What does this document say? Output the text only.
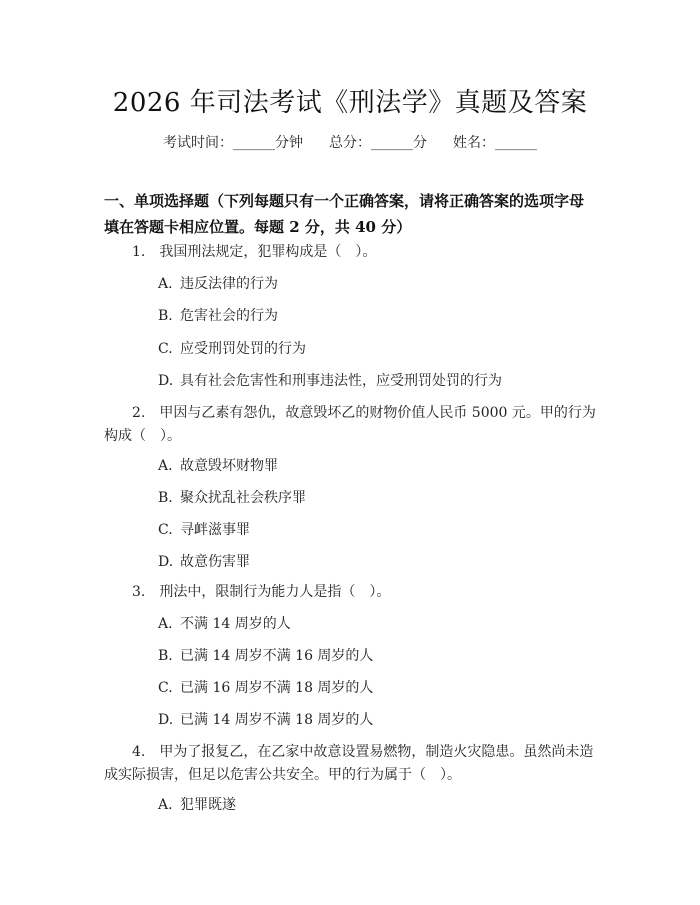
2026 年司法考试《刑法学》真题及答案
考试时间：______分钟 总分：______分 姓名：______
一、单项选择题（下列每题只有一个正确答案，请将正确答案的选项字母填在答题卡相应位置。每题 2 分，共 40 分）
1.　我国刑法规定，犯罪构成是（　）。
A. 违反法律的行为
B. 危害社会的行为
C. 应受刑罚处罚的行为
D. 具有社会危害性和刑事违法性，应受刑罚处罚的行为
2.　甲因与乙素有怨仇，故意毁坏乙的财物价值人民币 5000 元。甲的行为构成（　）。
A. 故意毁坏财物罪
B. 聚众扰乱社会秩序罪
C. 寻衅滋事罪
D. 故意伤害罪
3.　刑法中，限制行为能力人是指（　）。
A. 不满 14 周岁的人
B. 已满 14 周岁不满 16 周岁的人
C. 已满 16 周岁不满 18 周岁的人
D. 已满 14 周岁不满 18 周岁的人
4.　甲为了报复乙，在乙家中故意设置易燃物，制造火灾隐患。虽然尚未造成实际损害，但足以危害公共安全。甲的行为属于（　）。
A. 犯罪既遂
